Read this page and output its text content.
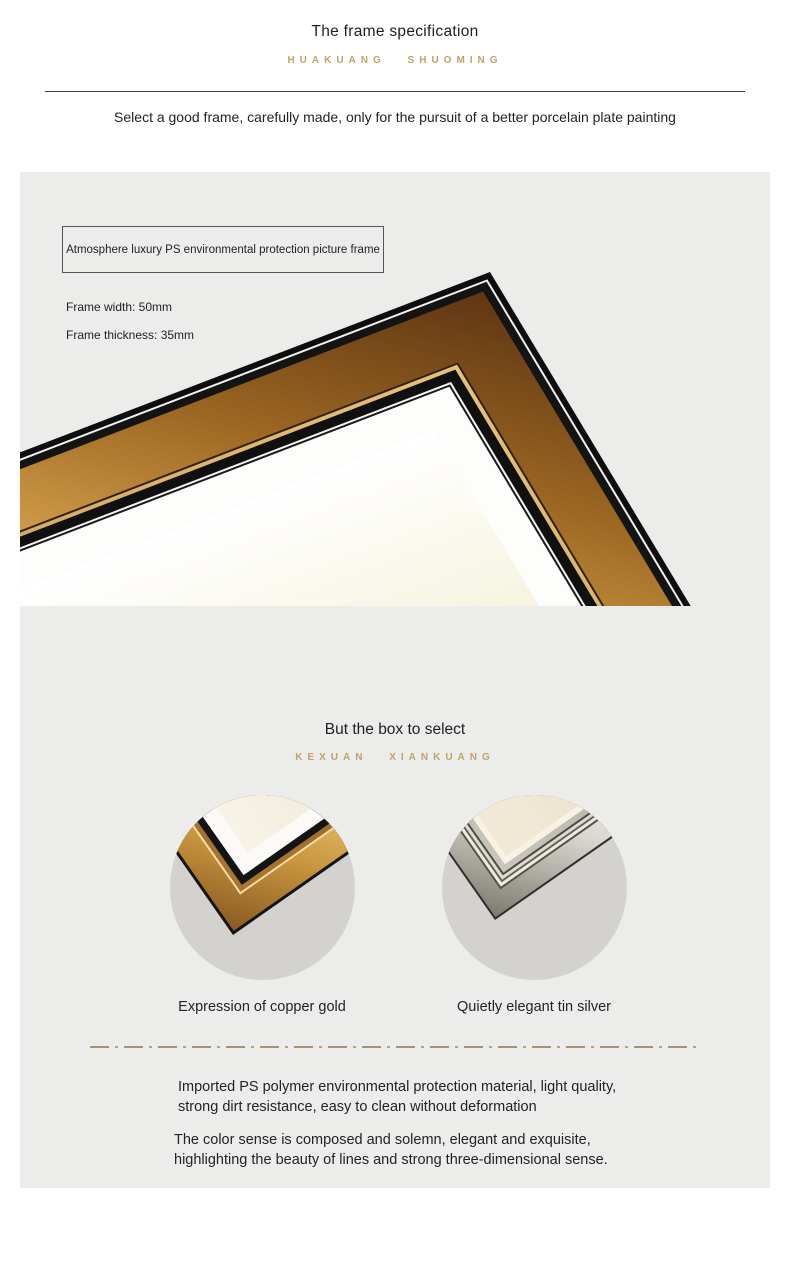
The frame specification
HUAKUANG SHUOMING

Select a good frame, carefully made, only for the pursuit of a better porcelain plate painting

Atmosphere luxury PS environmental protection picture frame
Frame width: 50mm
Frame thickness: 35mm
But the box to select
KEXUAN XIANKUANG
Expression of copper gold	Quietly elegant tin silver

Imported PS polymer environmental protection material, light quality,
strong dirt resistance, easy to clean without deformation

The color sense is composed and solemn, elegant and exquisite,
highlighting the beauty of lines and strong three-dimensional sense.
